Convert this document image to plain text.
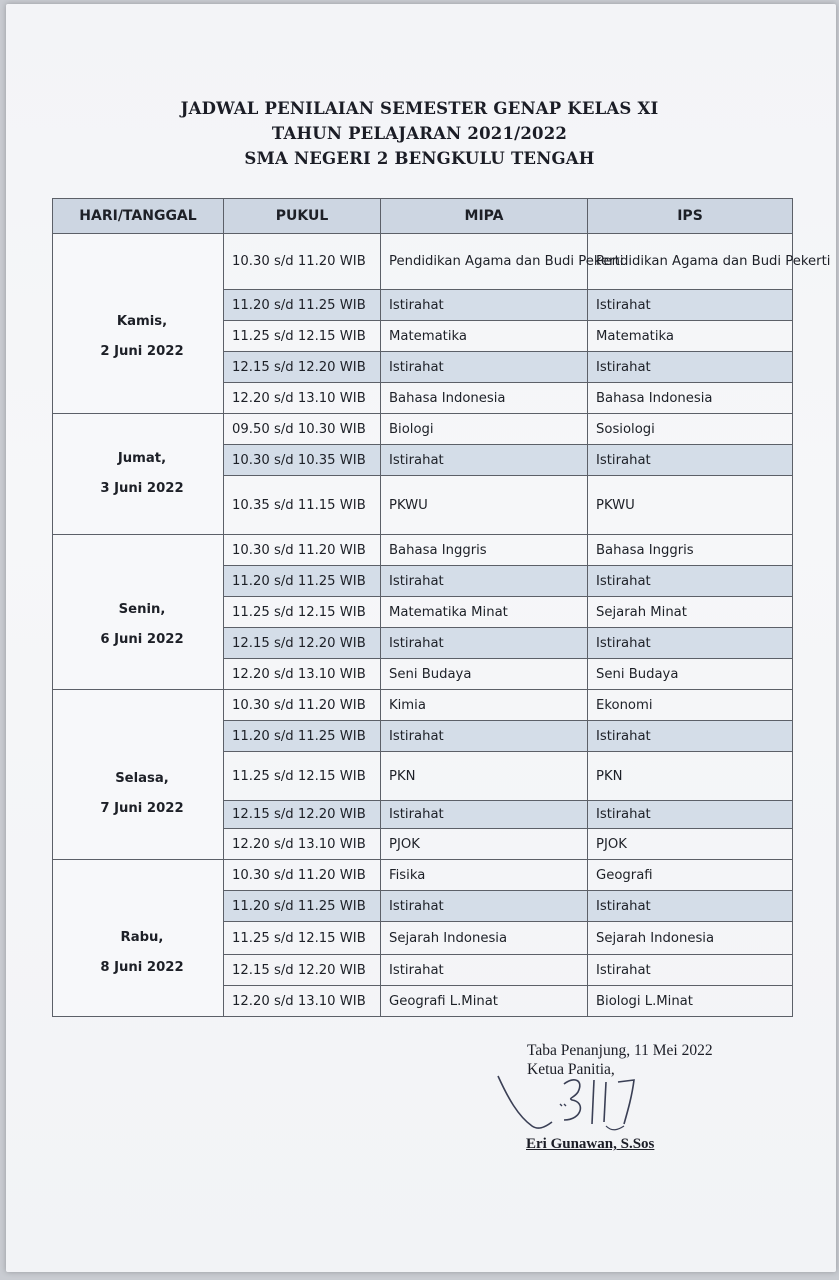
JADWAL PENILAIAN SEMESTER GENAP KELAS XI
TAHUN PELAJARAN 2021/2022
SMA NEGERI 2 BENGKULU TENGAH
HARI/TANGGAL	PUKUL	MIPA	IPS

Kamis,
2 Juni 2022	10.30 s/d 11.20 WIB	Pendidikan Agama dan Budi Pekerti	Pendidikan Agama dan Budi Pekerti
	11.20 s/d 11.25 WIB	Istirahat	Istirahat
	11.25 s/d 12.15 WIB	Matematika	Matematika
	12.15 s/d 12.20 WIB	Istirahat	Istirahat
	12.20 s/d 13.10 WIB	Bahasa Indonesia	Bahasa Indonesia

Jumat,
3 Juni 2022	09.50 s/d 10.30 WIB	Biologi	Sosiologi
	10.30 s/d 10.35 WIB	Istirahat	Istirahat
	10.35 s/d 11.15 WIB	PKWU	PKWU

Senin,
6 Juni 2022	10.30 s/d 11.20 WIB	Bahasa Inggris	Bahasa Inggris
	11.20 s/d 11.25 WIB	Istirahat	Istirahat
	11.25 s/d 12.15 WIB	Matematika Minat	Sejarah Minat
	12.15 s/d 12.20 WIB	Istirahat	Istirahat
	12.20 s/d 13.10 WIB	Seni Budaya	Seni Budaya

Selasa,
7 Juni 2022	10.30 s/d 11.20 WIB	Kimia	Ekonomi
	11.20 s/d 11.25 WIB	Istirahat	Istirahat
	11.25 s/d 12.15 WIB	PKN	PKN
	12.15 s/d 12.20 WIB	Istirahat	Istirahat
	12.20 s/d 13.10 WIB	PJOK	PJOK

Rabu,
8 Juni 2022	10.30 s/d 11.20 WIB	Fisika	Geografi
	11.20 s/d 11.25 WIB	Istirahat	Istirahat
	11.25 s/d 12.15 WIB	Sejarah Indonesia	Sejarah Indonesia
	12.15 s/d 12.20 WIB	Istirahat	Istirahat
	12.20 s/d 13.10 WIB	Geografi L.Minat	Biologi L.Minat
Taba Penanjung, 11 Mei 2022
Ketua Panitia,
Eri Gunawan, S.Sos
